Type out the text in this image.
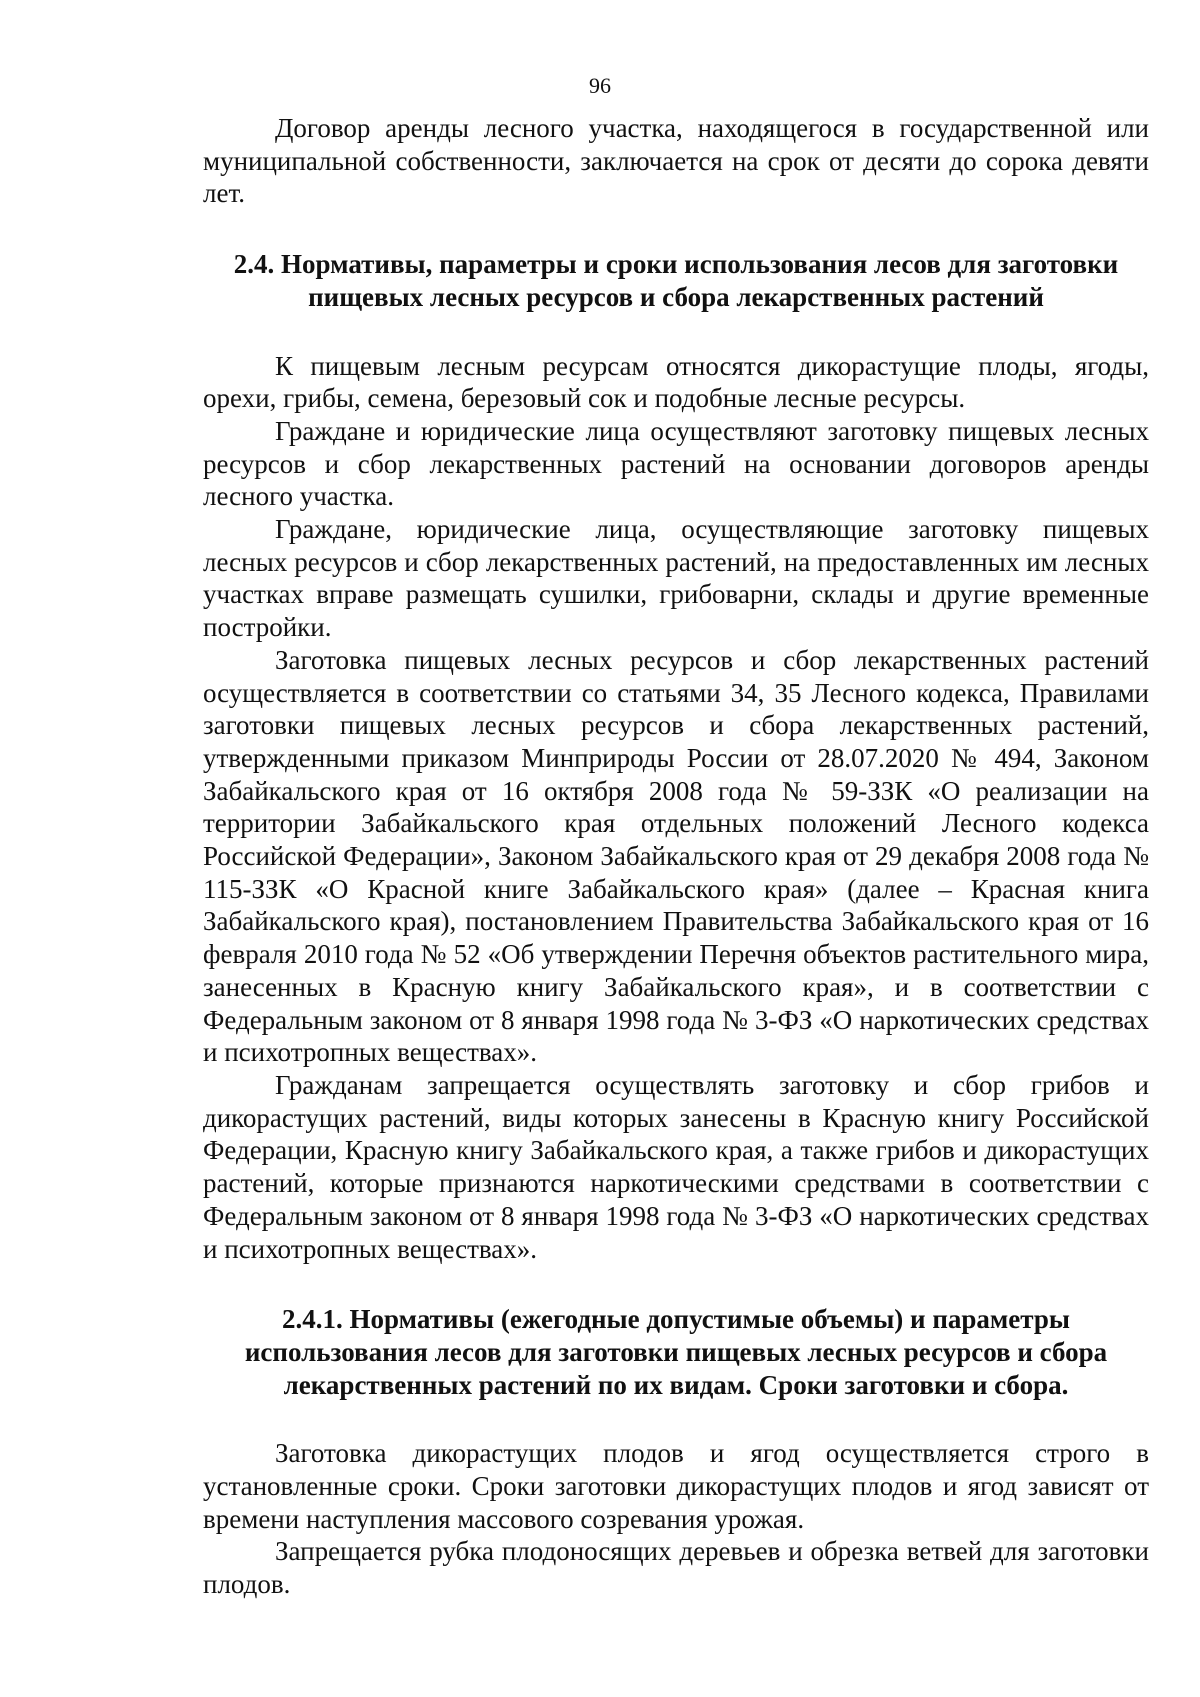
96

Договор аренды лесного участка, находящегося в государственной или муниципальной собственности, заключается на срок от десяти до сорока девяти лет.

2.4. Нормативы, параметры и сроки использования лесов для заготовки пищевых лесных ресурсов и сбора лекарственных растений

К пищевым лесным ресурсам относятся дикорастущие плоды, ягоды, орехи, грибы, семена, березовый сок и подобные лесные ресурсы.

Граждане и юридические лица осуществляют заготовку пищевых лесных ресурсов и сбор лекарственных растений на основании договоров аренды лесного участка.

Граждане, юридические лица, осуществляющие заготовку пищевых лесных ресурсов и сбор лекарственных растений, на предоставленных им лесных участках вправе размещать сушилки, грибоварни, склады и другие временные постройки.

Заготовка пищевых лесных ресурсов и сбор лекарственных растений осуществляется в соответствии со статьями 34, 35 Лесного кодекса, Правилами заготовки пищевых лесных ресурсов и сбора лекарственных растений, утвержденными приказом Минприроды России от 28.07.2020 № 494, Законом Забайкальского края от 16 октября 2008 года № 59-ЗЗК «О реализации на территории Забайкальского края отдельных положений Лесного кодекса Российской Федерации», Законом Забайкальского края от 29 декабря 2008 года № 115-ЗЗК «О Красной книге Забайкальского края» (далее – Красная книга Забайкальского края), постановлением Правительства Забайкальского края от 16 февраля 2010 года № 52 «Об утверждении Перечня объектов растительного мира, занесенных в Красную книгу Забайкальского края», и в соответствии с Федеральным законом от 8 января 1998 года № 3-ФЗ «О наркотических средствах и психотропных веществах».

Гражданам запрещается осуществлять заготовку и сбор грибов и дикорастущих растений, виды которых занесены в Красную книгу Российской Федерации, Красную книгу Забайкальского края, а также грибов и дикорастущих растений, которые признаются наркотическими средствами в соответствии с Федеральным законом от 8 января 1998 года № 3-ФЗ «О наркотических средствах и психотропных веществах».

2.4.1. Нормативы (ежегодные допустимые объемы) и параметры использования лесов для заготовки пищевых лесных ресурсов и сбора лекарственных растений по их видам. Сроки заготовки и сбора.

Заготовка дикорастущих плодов и ягод осуществляется строго в установленные сроки. Сроки заготовки дикорастущих плодов и ягод зависят от времени наступления массового созревания урожая.

Запрещается рубка плодоносящих деревьев и обрезка ветвей для заготовки плодов.
